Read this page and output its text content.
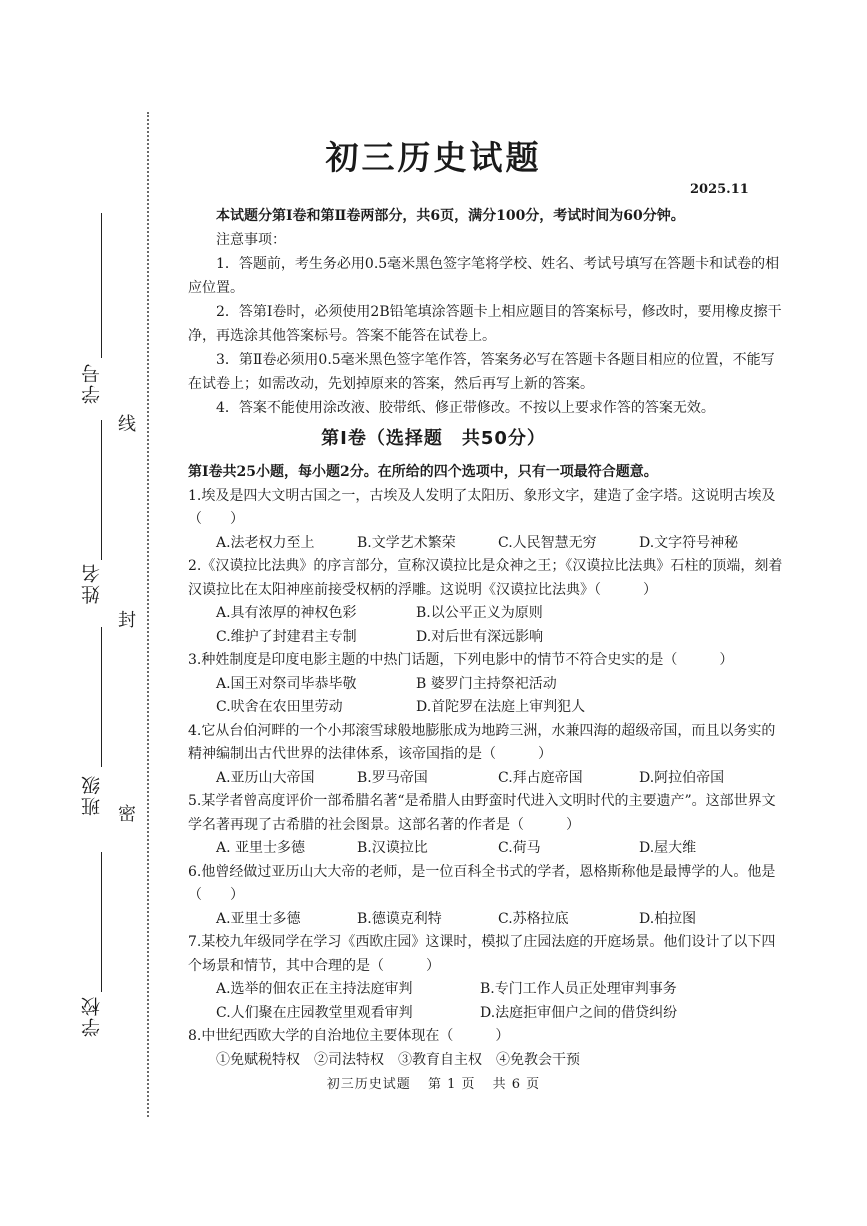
学号
姓名
班级
学校
线
封
密
初三历史试题
2025.11

本试题分第Ⅰ卷和第Ⅱ卷两部分，共6页，满分100分，考试时间为60分钟。

注意事项：

1．答题前，考生务必用0.5毫米黑色签字笔将学校、姓名、考试号填写在答题卡和试卷的相应位置。

2．答第Ⅰ卷时，必须使用2B铅笔填涂答题卡上相应题目的答案标号，修改时，要用橡皮擦干净，再选涂其他答案标号。答案不能答在试卷上。

3．第Ⅱ卷必须用0.5毫米黑色签字笔作答，答案务必写在答题卡各题目相应的位置，不能写在试卷上；如需改动，先划掉原来的答案，然后再写上新的答案。

4．答案不能使用涂改液、胶带纸、修正带修改。不按以上要求作答的答案无效。

第Ⅰ卷（选择题　共50分）

第Ⅰ卷共25小题，每小题2分。在所给的四个选项中，只有一项最符合题意。

1.埃及是四大文明古国之一，古埃及人发明了太阳历、象形文字，建造了金字塔。这说明古埃及（　　）

A.法老权力至上	B.文学艺术繁荣	C.人民智慧无穷	D.文字符号神秘

2.《汉谟拉比法典》的序言部分，宣称汉谟拉比是众神之王；《汉谟拉比法典》石柱的顶端，刻着汉谟拉比在太阳神座前接受权柄的浮雕。这说明《汉谟拉比法典》（　　　）

A.具有浓厚的神权色彩	B.以公平正义为原则
C.维护了封建君主专制	D.对后世有深远影响

3.种姓制度是印度电影主题的中热门话题，下列电影中的情节不符合史实的是（　　　）

A.国王对祭司毕恭毕敬	B 婆罗门主持祭祀活动
C.吠舍在农田里劳动	D.首陀罗在法庭上审判犯人

4.它从台伯河畔的一个小邦滚雪球般地膨胀成为地跨三洲，水兼四海的超级帝国，而且以务实的精神编制出古代世界的法律体系，该帝国指的是（　　　）

A.亚历山大帝国	B.罗马帝国	C.拜占庭帝国	D.阿拉伯帝国

5.某学者曾高度评价一部希腊名著“是希腊人由野蛮时代进入文明时代的主要遗产”。这部世界文学名著再现了古希腊的社会图景。这部名著的作者是（　　　）

A. 亚里士多德	B.汉谟拉比	C.荷马	D.屋大维

6.他曾经做过亚历山大大帝的老师，是一位百科全书式的学者，恩格斯称他是最博学的人。他是（　　）

A.亚里士多德	B.德谟克利特	C.苏格拉底	D.柏拉图

7.某校九年级同学在学习《西欧庄园》这课时，模拟了庄园法庭的开庭场景。他们设计了以下四个场景和情节，其中合理的是（　　　）

A.选举的佃农正在主持法庭审判	B.专门工作人员正处理审判事务
C.人们聚在庄园教堂里观看审判	D.法庭拒审佃户之间的借贷纠纷

8.中世纪西欧大学的自治地位主要体现在（　　　）

①免赋税特权　②司法特权　③教育自主权　④免教会干预
初三历史试题 第 1 页 共 6 页
